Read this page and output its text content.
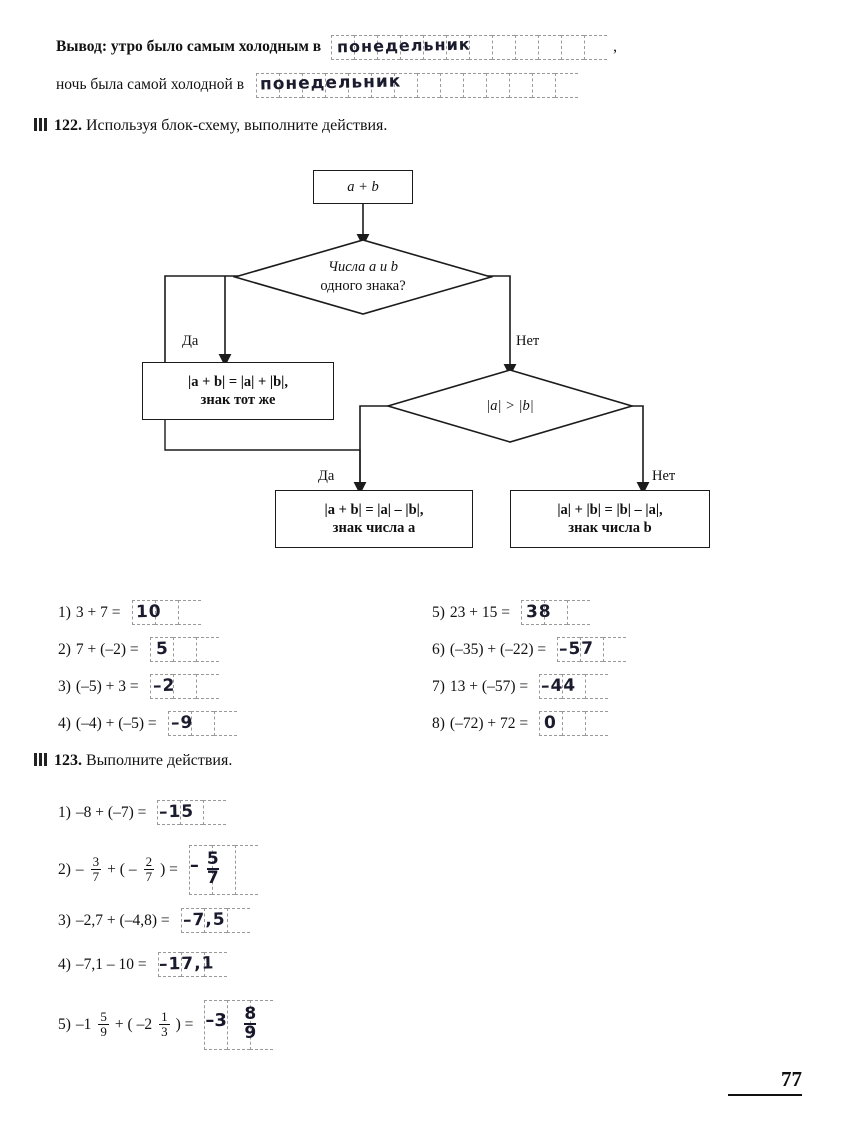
Вывод: утро было самым холодным в понедельник	,
ночь была самой холодной в понедельник
122. Используя блок-схему, выполните действия.
a + b
Числа a и b
одного знака?
Да	Нет
|a + b| = |a| + |b|,
знак тот же	|a| > |b|
Да	Нет
|a + b| = |a| – |b|,
знак числа a
|a| + |b| = |b| – |a|,
знак числа b
1) 3 + 7 = 10
2) 7 + (–2) = 5
3) (–5) + 3 = –2
4) (–4) + (–5) = –9
5) 23 + 15 = 38
6) (–35) + (–22) = –57
7) 13 + (–57) = –44
8) (–72) + 72 = 0
123. Выполните действия.
1) –8 + (–7) = –15
$2) - \frac{3}{7}$ + ( – $\frac{2}{7}$ ) = – $\frac{5}{7}$
3) –2,7 + (–4,8) = –7,5
4) –7,1 – 10 = –17,1
5) $-1 \frac{5}{9}$ + ( $-2 \frac{1}{3}$ ) = $-3 \frac{8}{9}$
77
